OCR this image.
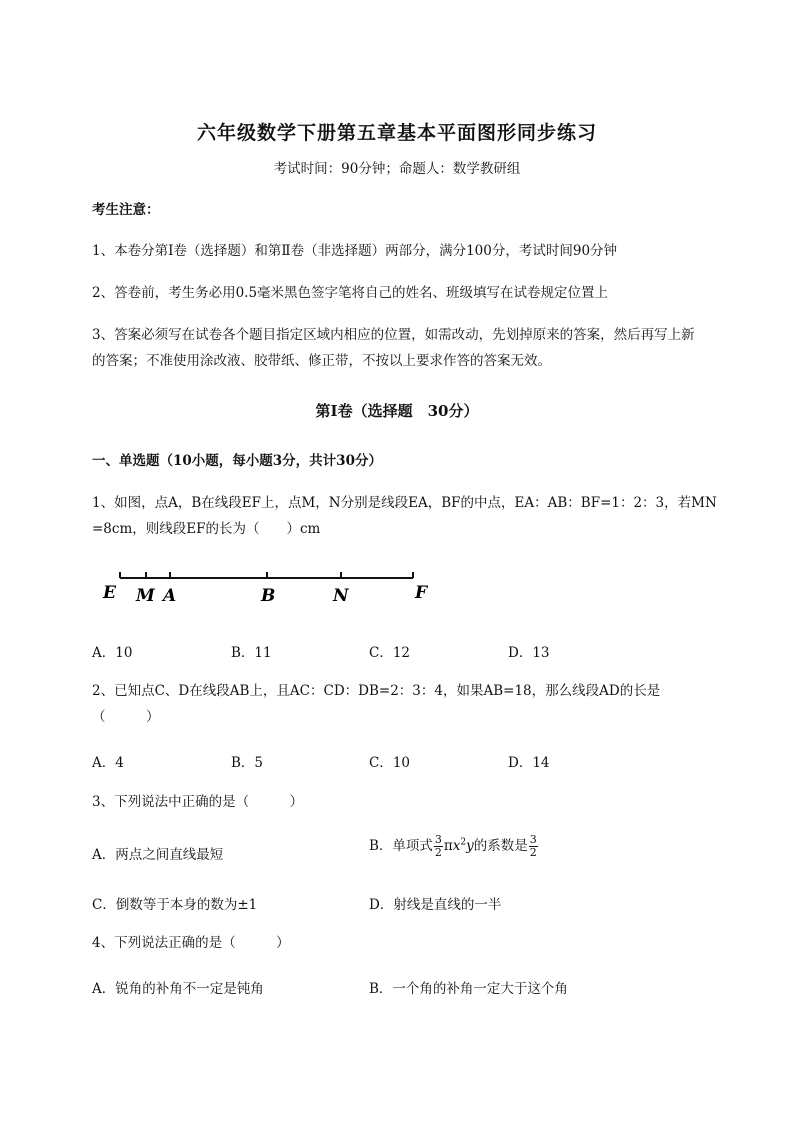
六年级数学下册第五章基本平面图形同步练习
考试时间：90分钟；命题人：数学教研组
考生注意：
1、本卷分第I卷（选择题）和第Ⅱ卷（非选择题）两部分，满分100分，考试时间90分钟
2、答卷前，考生务必用0.5毫米黑色签字笔将自己的姓名、班级填写在试卷规定位置上
3、答案必须写在试卷各个题目指定区域内相应的位置，如需改动，先划掉原来的答案，然后再写上新
的答案；不准使用涂改液、胶带纸、修正带，不按以上要求作答的答案无效。
第I卷（选择题　30分）
一、单选题（10小题，每小题3分，共计30分）
1、如图，点A，B在线段EF上，点M，N分别是线段EA，BF的中点，EA：AB：BF=1：2：3，若MN
=8cm，则线段EF的长为（　　）cm
E M A	B	N	F
A．10	B．11	C．12	D．13
2、已知点C、D在线段AB上，且AC：CD：DB=2：3：4，如果AB=18，那么线段AD的长是
（　　　）
A．4	B．5	C．10	D．14
3、下列说法中正确的是（　　　）
A．两点之间直线最短
B．单项式 $\frac{3}{2} \pi x^2y$的系数是 $\frac{3}{2}$
C．倒数等于本身的数为±1	D．射线是直线的一半
4、下列说法正确的是（　　　）
A．锐角的补角不一定是钝角	B．一个角的补角一定大于这个角
